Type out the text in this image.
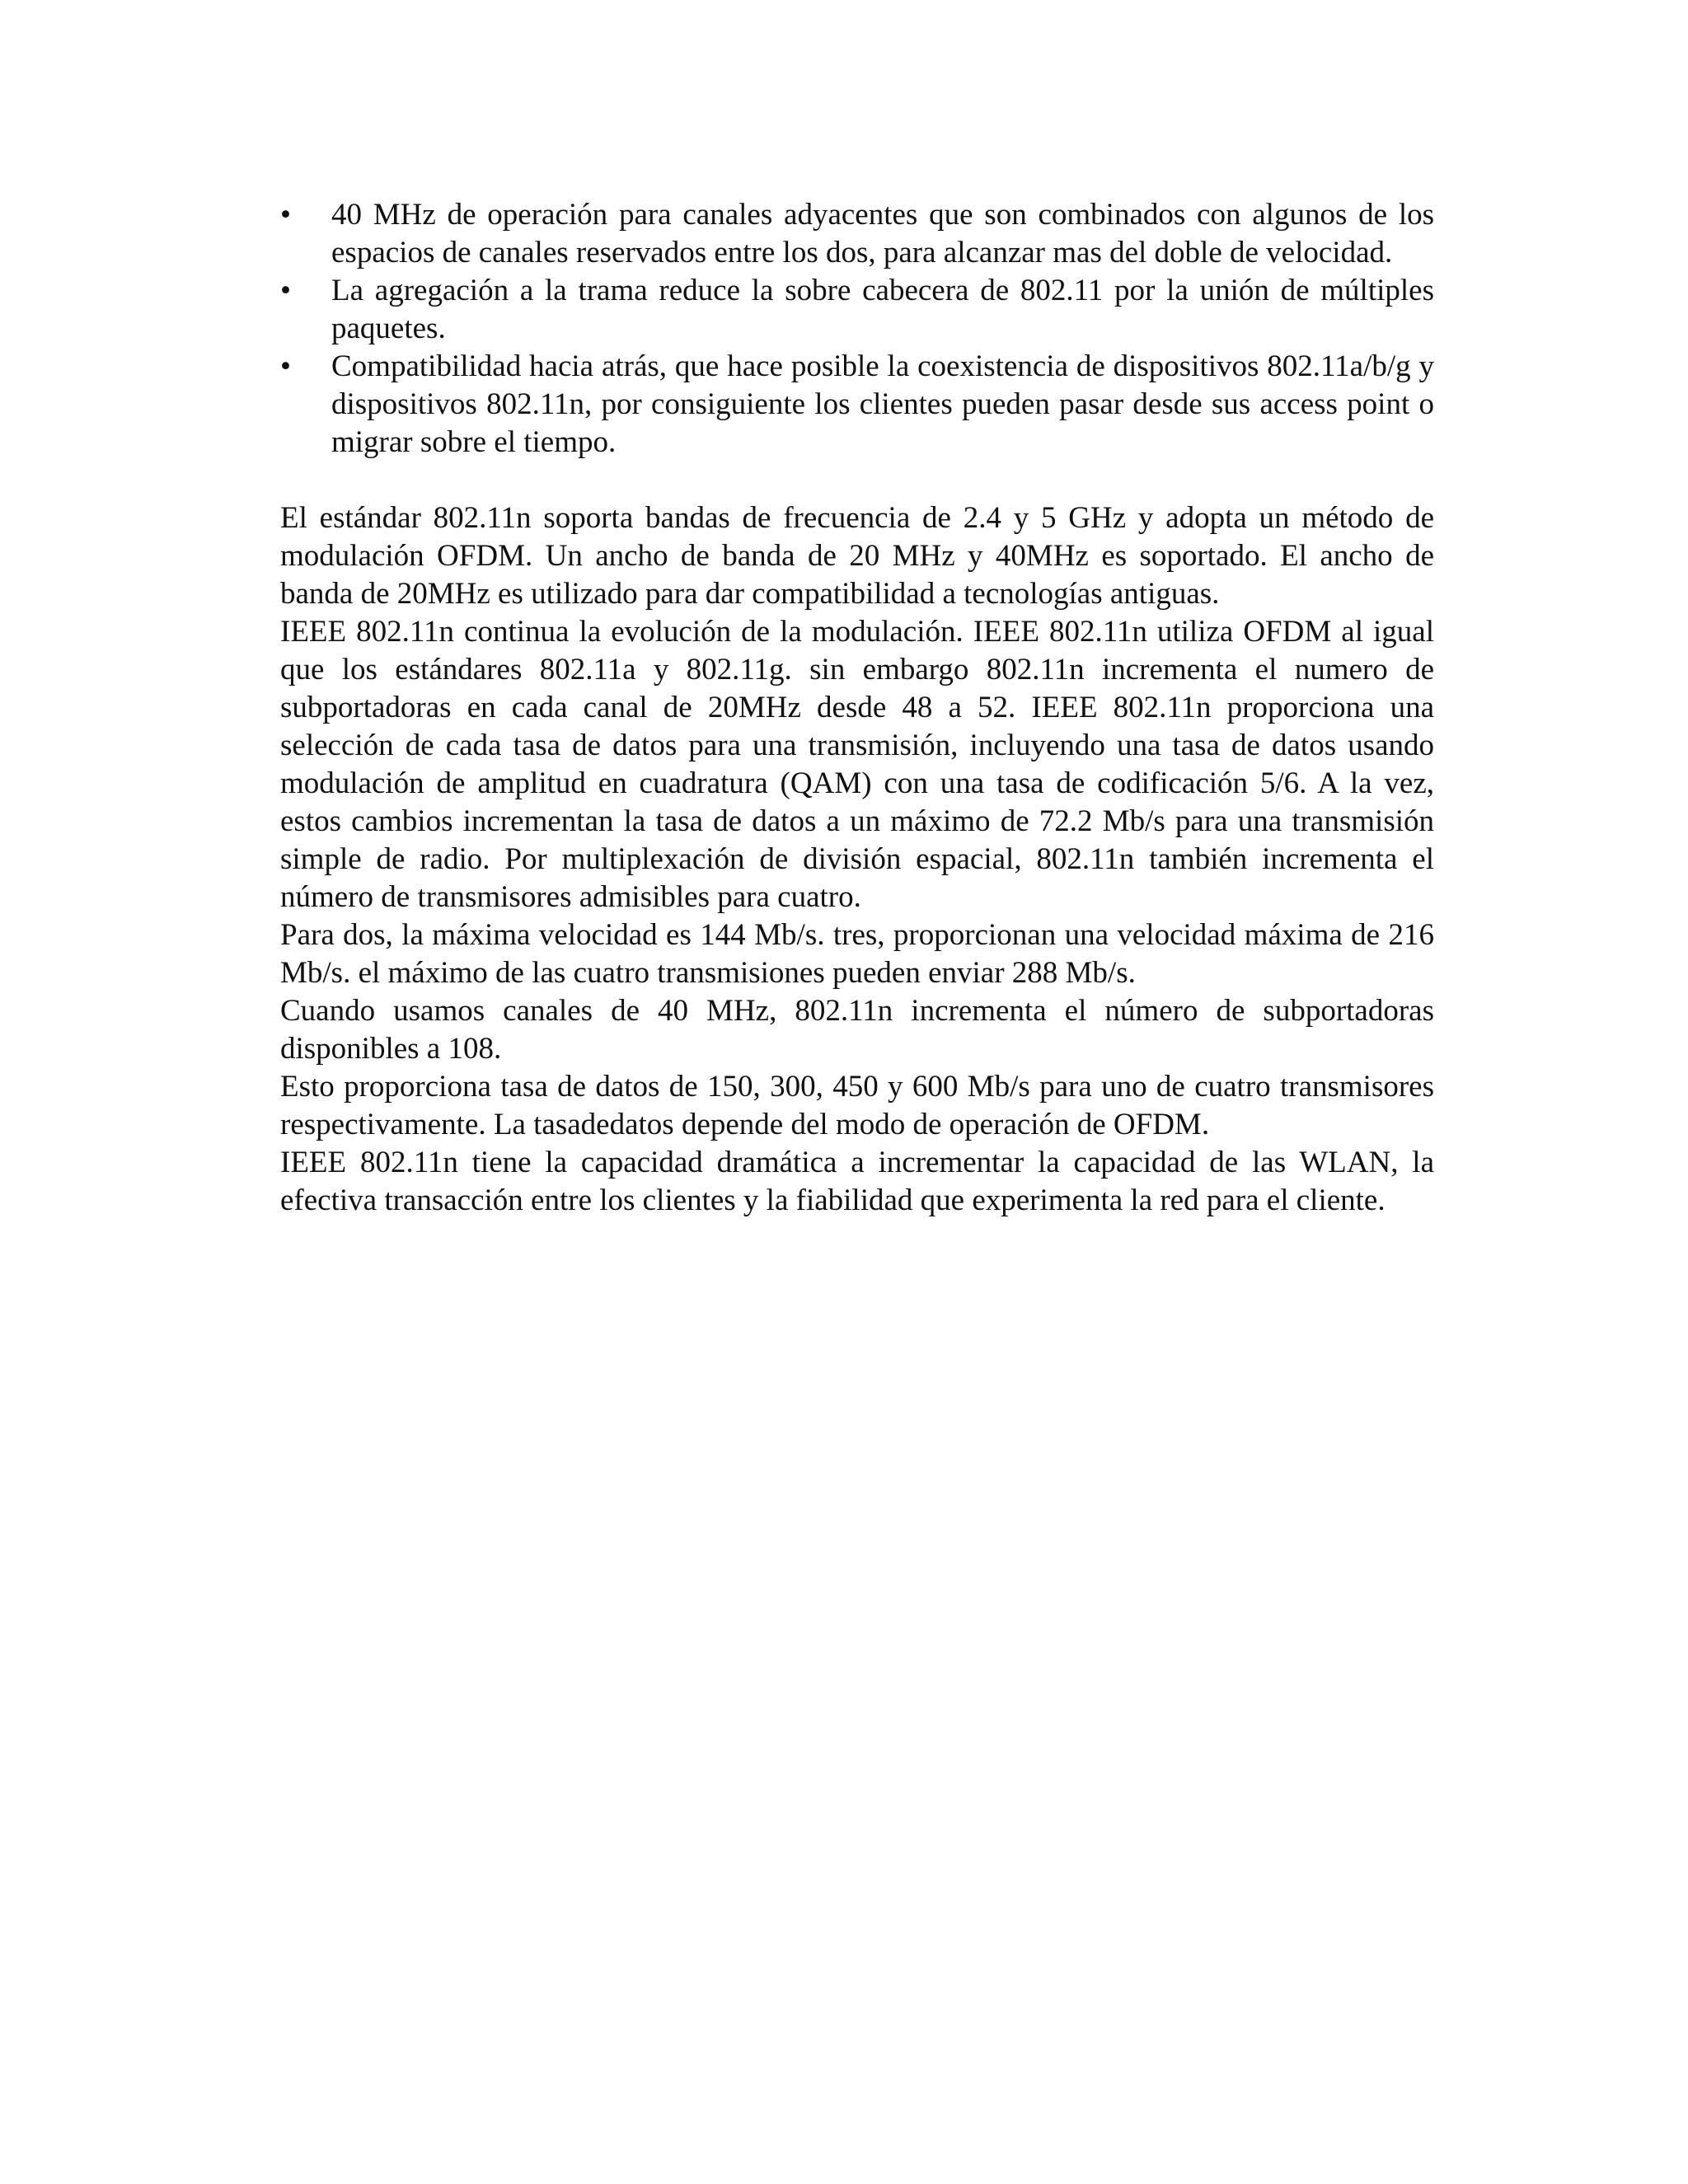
•	40 MHz de operación para canales adyacentes que son combinados con algunos de los espacios de canales reservados entre los dos, para alcanzar mas del doble de velocidad.
•	La agregación a la trama reduce la sobre cabecera de 802.11 por la unión de múltiples paquetes.
•	Compatibilidad hacia atrás, que hace posible la coexistencia de dispositivos 802.11a/b/g y dispositivos 802.11n, por consiguiente los clientes pueden pasar desde sus access point o migrar sobre el tiempo.

El estándar 802.11n soporta bandas de frecuencia de 2.4 y 5 GHz y adopta un método de modulación OFDM. Un ancho de banda de 20 MHz y 40MHz es soportado. El ancho de banda de 20MHz es utilizado para dar compatibilidad a tecnologías antiguas.

IEEE 802.11n continua la evolución de la modulación. IEEE 802.11n utiliza OFDM al igual que los estándares 802.11a y 802.11g. sin embargo 802.11n incrementa el numero de subportadoras en cada canal de 20MHz desde 48 a 52. IEEE 802.11n proporciona una selección de cada tasa de datos para una transmisión, incluyendo una tasa de datos usando modulación de amplitud en cuadratura (QAM) con una tasa de codificación 5/6. A la vez, estos cambios incrementan la tasa de datos a un máximo de 72.2 Mb/s para una transmisión simple de radio. Por multiplexación de división espacial, 802.11n también incrementa el número de transmisores admisibles para cuatro.

Para dos, la máxima velocidad es 144 Mb/s. tres, proporcionan una velocidad máxima de 216 Mb/s. el máximo de las cuatro transmisiones pueden enviar 288 Mb/s.

Cuando usamos canales de 40 MHz, 802.11n incrementa el número de subportadoras disponibles a 108.

Esto proporciona tasa de datos de 150, 300, 450 y 600 Mb/s para uno de cuatro transmisores respectivamente. La tasadedatos depende del modo de operación de OFDM.

IEEE 802.11n tiene la capacidad dramática a incrementar la capacidad de las WLAN, la efectiva transacción entre los clientes y la fiabilidad que experimenta la red para el cliente.
